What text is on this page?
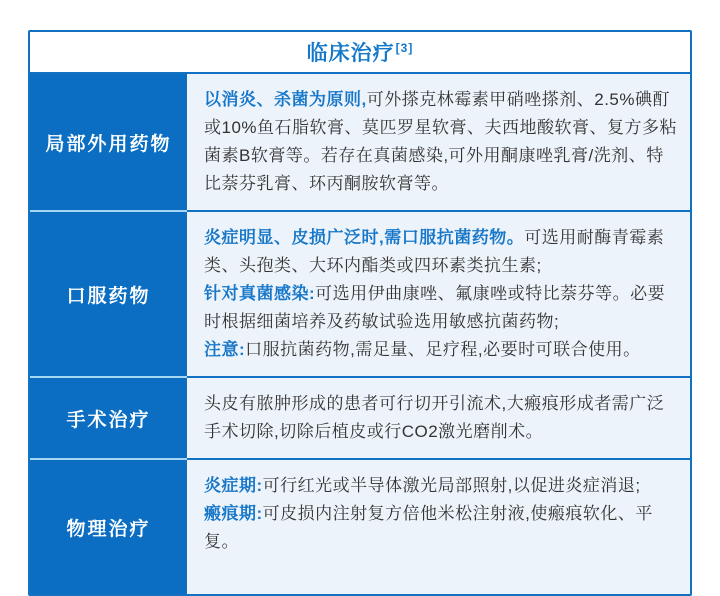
临床治疗[3]
局部外用药物
以消炎、杀菌为原则,可外搽克林霉素甲硝唑搽剂、2.5%碘酊或10%鱼石脂软膏、莫匹罗星软膏、夫西地酸软膏、复方多粘菌素B软膏等。若存在真菌感染,可外用酮康唑乳膏/洗剂、特比萘芬乳膏、环丙酮胺软膏等。
口服药物
炎症明显、皮损广泛时,需口服抗菌药物。可选用耐酶青霉素类、头孢类、大环内酯类或四环素类抗生素;
针对真菌感染:可选用伊曲康唑、氟康唑或特比萘芬等。必要时根据细菌培养及药敏试验选用敏感抗菌药物;
注意:口服抗菌药物,需足量、足疗程,必要时可联合使用。
手术治疗
头皮有脓肿形成的患者可行切开引流术,大瘢痕形成者需广泛手术切除,切除后植皮或行CO2激光磨削术。
物理治疗
炎症期:可行红光或半导体激光局部照射,以促进炎症消退;
瘢痕期:可皮损内注射复方倍他米松注射液,使瘢痕软化、平复。
